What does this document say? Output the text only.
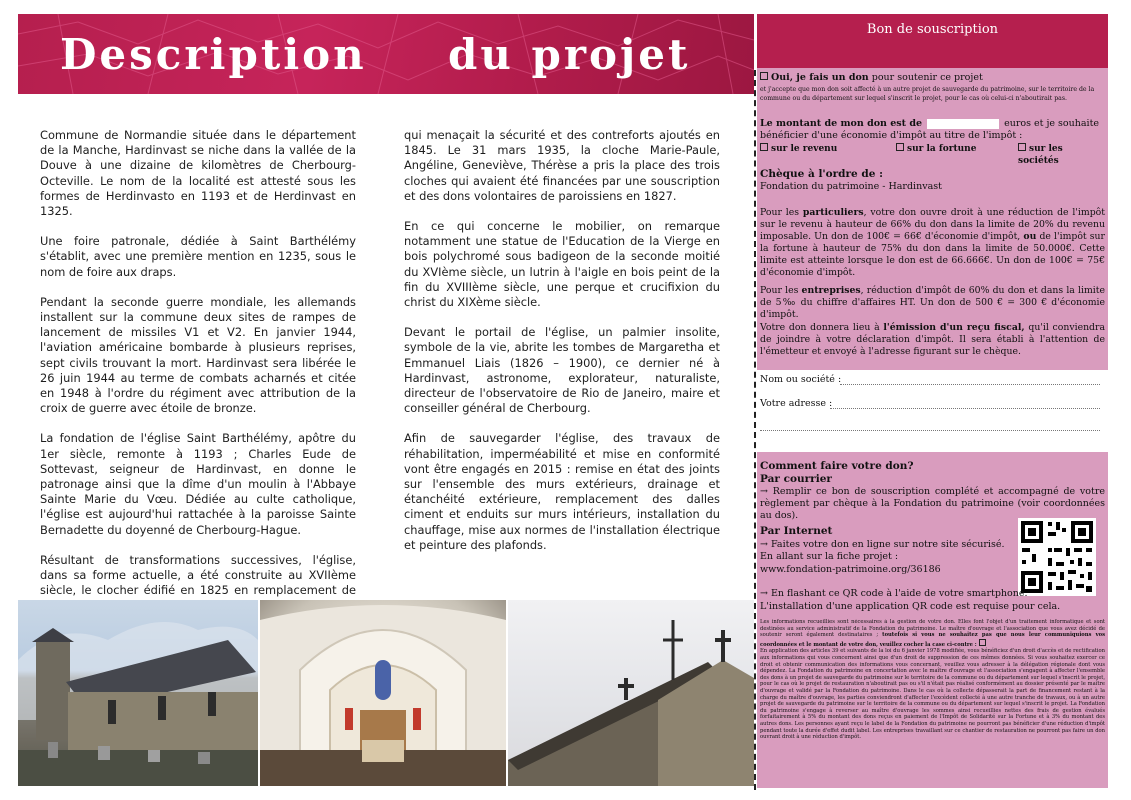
Description du projet

Commune de Normandie située dans le département de la Manche, Hardinvast se niche dans la vallée de la Douve à une dizaine de kilomètres de Cherbourg-Octeville. Le nom de la localité est attesté sous les formes de Herdinvasto en 1193 et de Herdinvast en 1325.

Une foire patronale, dédiée à Saint Barthélémy s'établit, avec une première mention en 1235, sous le nom de foire aux draps.

Pendant la seconde guerre mondiale, les allemands installent sur la commune deux sites de rampes de lancement de missiles V1 et V2. En janvier 1944, l'aviation américaine bombarde à plusieurs reprises, sept civils trouvant la mort. Hardinvast sera libérée le 26 juin 1944 au terme de combats acharnés et citée en 1948 à l'ordre du régiment avec attribution de la croix de guerre avec étoile de bronze.

La fondation de l'église Saint Barthélémy, apôtre du 1er siècle, remonte à 1193 ; Charles Eude de Sottevast, seigneur de Hardinvast, en donne le patronage ainsi que la dîme d'un moulin à l'Abbaye Sainte Marie du Vœu. Dédiée au culte catholique, l'église est aujourd'hui rattachée à la paroisse Sainte Bernadette du doyenné de Cherbourg-Hague.

Résultant de transformations successives, l'église, dans sa forme actuelle, a été construite au XVIIème siècle, le clocher édifié en 1825 en remplacement de

qui menaçait la sécurité et des contreforts ajoutés en 1845. Le 31 mars 1935, la cloche Marie-Paule, Angéline, Geneviève, Thérèse a pris la place des trois cloches qui avaient été financées par une souscription et des dons volontaires de paroissiens en 1827.

En ce qui concerne le mobilier, on remarque notamment une statue de l'Education de la Vierge en bois polychromé sous badigeon de la seconde moitié du XVIème siècle, un lutrin à l'aigle en bois peint de la fin du XVIIIème siècle, une perque et crucifixion du christ du XIXème siècle.

Devant le portail de l'église, un palmier insolite, symbole de la vie, abrite les tombes de Margaretha et Emmanuel Liais (1826 – 1900), ce dernier né à Hardinvast, astronome, explorateur, naturaliste, directeur de l'observatoire de Rio de Janeiro, maire et conseiller général de Cherbourg.

Afin de sauvegarder l'église, des travaux de réhabilitation, imperméabilité et mise en conformité vont être engagés en 2015 : remise en état des joints sur l'ensemble des murs extérieurs, drainage et étanchéité extérieure, remplacement des dalles ciment et enduits sur murs intérieurs, installation du chauffage, mise aux normes de l'installation électrique et peinture des plafonds.

Bon de souscription
Oui, je fais un don pour soutenir ce projet
et j'accepte que mon don soit affecté à un autre projet de sauvegarde du patrimoine, sur le territoire de la commune ou du département sur lequel s'inscrit le projet, pour le cas où celui-ci n'aboutirait pas.
Le montant de mon don est de	euros et je souhaite bénéficier d'une économie d'impôt au titre de l'impôt :
sur le revenu	sur la fortune	sur les sociétés
Chèque à l'ordre de :
Fondation du patrimoine - Hardinvast
Pour les particuliers, votre don ouvre droit à une réduction de l'impôt sur le revenu à hauteur de 66% du don dans la limite de 20% du revenu imposable. Un don de 100€ = 66€ d'économie d'impôt, ou de l'impôt sur la fortune à hauteur de 75% du don dans la limite de 50.000€. Cette limite est atteinte lorsque le don est de 66.666€. Un don de 100€ = 75€ d'économie d'impôt.
Pour les entreprises, réduction d'impôt de 60% du don et dans la limite de 5‰ du chiffre d'affaires HT. Un don de 500 € = 300 € d'économie d'impôt.
Votre don donnera lieu à l'émission d'un reçu fiscal, qu'il conviendra de joindre à votre déclaration d'impôt. Il sera établi à l'attention de l'émetteur et envoyé à l'adresse figurant sur le chèque.
Nom ou société :
Votre adresse :
Comment faire votre don?
Par courrier
→ Remplir ce bon de souscription complété et accompagné de votre règlement par chèque à la Fondation du patrimoine (voir coordonnées au dos).
Par Internet
→ Faites votre don en ligne sur notre site sécurisé.
En allant sur la fiche projet :
www.fondation-patrimoine.org/36186
→ En flashant ce QR code à l'aide de votre smartphone.
L'installation d'une application QR code est requise pour cela.
Les informations recueillies sont nécessaires à la gestion de votre don. Elles font l'objet d'un traitement informatique et sont destinées au service administratif de la Fondation du patrimoine. Le maître d'ouvrage et l'association que vous avez décidé de soutenir seront également destinataires ; toutefois si vous ne souhaitez pas que nous leur communiquions vos coordonnées et le montant de votre don, veuillez cocher la case ci-contre :
En application des articles 39 et suivants de la loi du 6 janvier 1978 modifiée, vous bénéficiez d'un droit d'accès et de rectification aux informations qui vous concernent ainsi que d'un droit de suppression de ces mêmes données. Si vous souhaitez exercer ce droit et obtenir communication des informations vous concernant, veuillez vous adresser à la délégation régionale dont vous dépendez. La Fondation du patrimoine en concertation avec le maître d'ouvrage et l'association s'engagent à affecter l'ensemble des dons à un projet de sauvegarde du patrimoine sur le territoire de la commune ou du département sur lequel s'inscrit le projet, pour le cas où le projet de restauration n'aboutirait pas ou s'il n'était pas réalisé conformément au dossier présenté par le maître d'ouvrage et validé par la Fondation du patrimoine. Dans le cas où la collecte dépasserait la part de financement restant à la charge du maître d'ouvrage, les parties conviendront d'affecter l'excédent collecté à une autre tranche de travaux, ou à un autre projet de sauvegarde du patrimoine sur le territoire de la commune ou du département sur lequel s'inscrit le projet. La Fondation du patrimoine s'engage à reverser au maître d'ouvrage les sommes ainsi recueillies nettes des frais de gestion évalués forfaitairement à 5% du montant des dons reçus en paiement de l'Impôt de Solidarité sur la Fortune et à 3% du montant des autres dons. Les personnes ayant reçu le label de la Fondation du patrimoine ne pourront pas bénéficier d'une réduction d'impôt pendant toute la durée d'effet dudit label. Les entreprises travaillant sur ce chantier de restauration ne pourront pas faire un don ouvrant droit à une réduction d'impôt.
